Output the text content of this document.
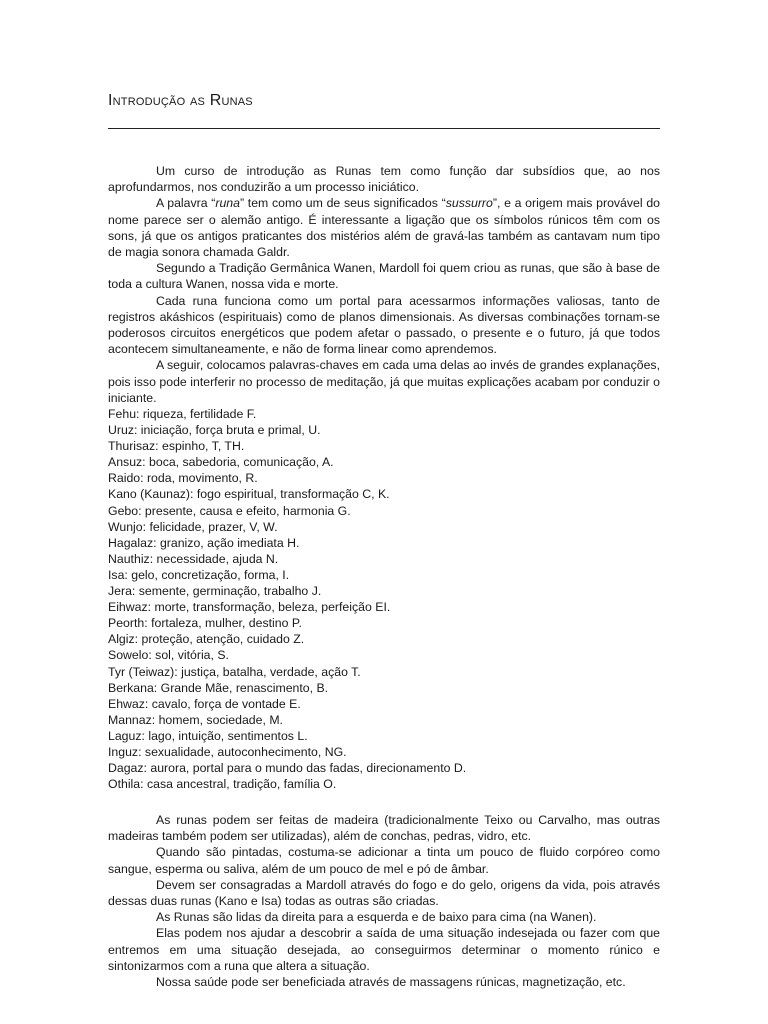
Introdução as Runas

Um curso de introdução as Runas tem como função dar subsídios que, ao nos aprofundarmos, nos conduzirão a um processo iniciático.

A palavra “runa” tem como um de seus significados “sussurro”, e a origem mais provável do nome parece ser o alemão antigo. É interessante a ligação que os símbolos rúnicos têm com os sons, já que os antigos praticantes dos mistérios além de gravá-las também as cantavam num tipo de magia sonora chamada Galdr.

Segundo a Tradição Germânica Wanen, Mardoll foi quem criou as runas, que são à base de toda a cultura Wanen, nossa vida e morte.

Cada runa funciona como um portal para acessarmos informações valiosas, tanto de registros akáshicos (espirituais) como de planos dimensionais. As diversas combinações tornam-se poderosos circuitos energéticos que podem afetar o passado, o presente e o futuro, já que todos acontecem simultaneamente, e não de forma linear como aprendemos.

A seguir, colocamos palavras-chaves em cada uma delas ao invés de grandes explanações, pois isso pode interferir no processo de meditação, já que muitas explicações acabam por conduzir o iniciante.

Fehu: riqueza, fertilidade F.

Uruz: iniciação, força bruta e primal, U.

Thurisaz: espinho, T, TH.

Ansuz: boca, sabedoria, comunicação, A.

Raido: roda, movimento, R.

Kano (Kaunaz): fogo espiritual, transformação C, K.

Gebo: presente, causa e efeito, harmonia G.

Wunjo: felicidade, prazer, V, W.

Hagalaz: granizo, ação imediata H.

Nauthiz: necessidade, ajuda N.

Isa: gelo, concretização, forma, I.

Jera: semente, germinação, trabalho J.

Eihwaz: morte, transformação, beleza, perfeição EI.

Peorth: fortaleza, mulher, destino P.

Algiz: proteção, atenção, cuidado Z.

Sowelo: sol, vitória, S.

Tyr (Teiwaz): justiça, batalha, verdade, ação T.

Berkana: Grande Mãe, renascimento, B.

Ehwaz: cavalo, força de vontade E.

Mannaz: homem, sociedade, M.

Laguz: lago, intuição, sentimentos L.

Inguz: sexualidade, autoconhecimento, NG.

Dagaz: aurora, portal para o mundo das fadas, direcionamento D.

Othila: casa ancestral, tradição, família O.

As runas podem ser feitas de madeira (tradicionalmente Teixo ou Carvalho, mas outras madeiras também podem ser utilizadas), além de conchas, pedras, vidro, etc.

Quando são pintadas, costuma-se adicionar a tinta um pouco de fluido corpóreo como sangue, esperma ou saliva, além de um pouco de mel e pó de âmbar.

Devem ser consagradas a Mardoll através do fogo e do gelo, origens da vida, pois através dessas duas runas (Kano e Isa) todas as outras são criadas.

As Runas são lidas da direita para a esquerda e de baixo para cima (na Wanen).

Elas podem nos ajudar a descobrir a saída de uma situação indesejada ou fazer com que entremos em uma situação desejada, ao conseguirmos determinar o momento rúnico e sintonizarmos com a runa que altera a situação.

Nossa saúde pode ser beneficiada através de massagens rúnicas, magnetização, etc.
